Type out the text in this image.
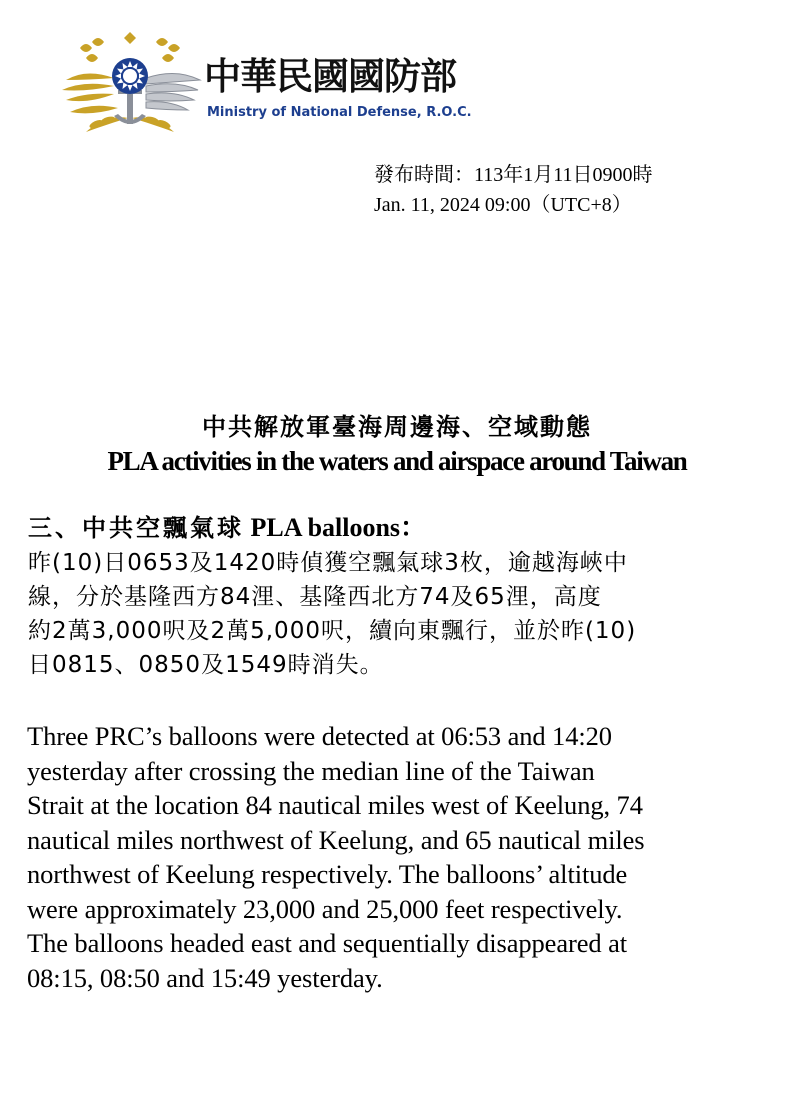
中華民國國防部
Ministry of National Defense, R.O.C.
發布時間：113年1月11日0900時
Jan. 11, 2024 09:00（UTC+8）
中共解放軍臺海周邊海、空域動態
PLA activities in the waters and airspace around Taiwan
三、中共空飄氣球 PLA balloons：
昨(10)日0653及1420時偵獲空飄氣球3枚，逾越海峽中
線，分於基隆西方84浬、基隆西北方74及65浬，高度
約2萬3,000呎及2萬5,000呎，續向東飄行，並於昨(10)
日0815、0850及1549時消失。
Three PRC’s balloons were detected at 06:53 and 14:20
yesterday after crossing the median line of the Taiwan
Strait at the location 84 nautical miles west of Keelung, 74
nautical miles northwest of Keelung, and 65 nautical miles
northwest of Keelung respectively. The balloons’ altitude
were approximately 23,000 and 25,000 feet respectively.
The balloons headed east and sequentially disappeared at
08:15, 08:50 and 15:49 yesterday.
